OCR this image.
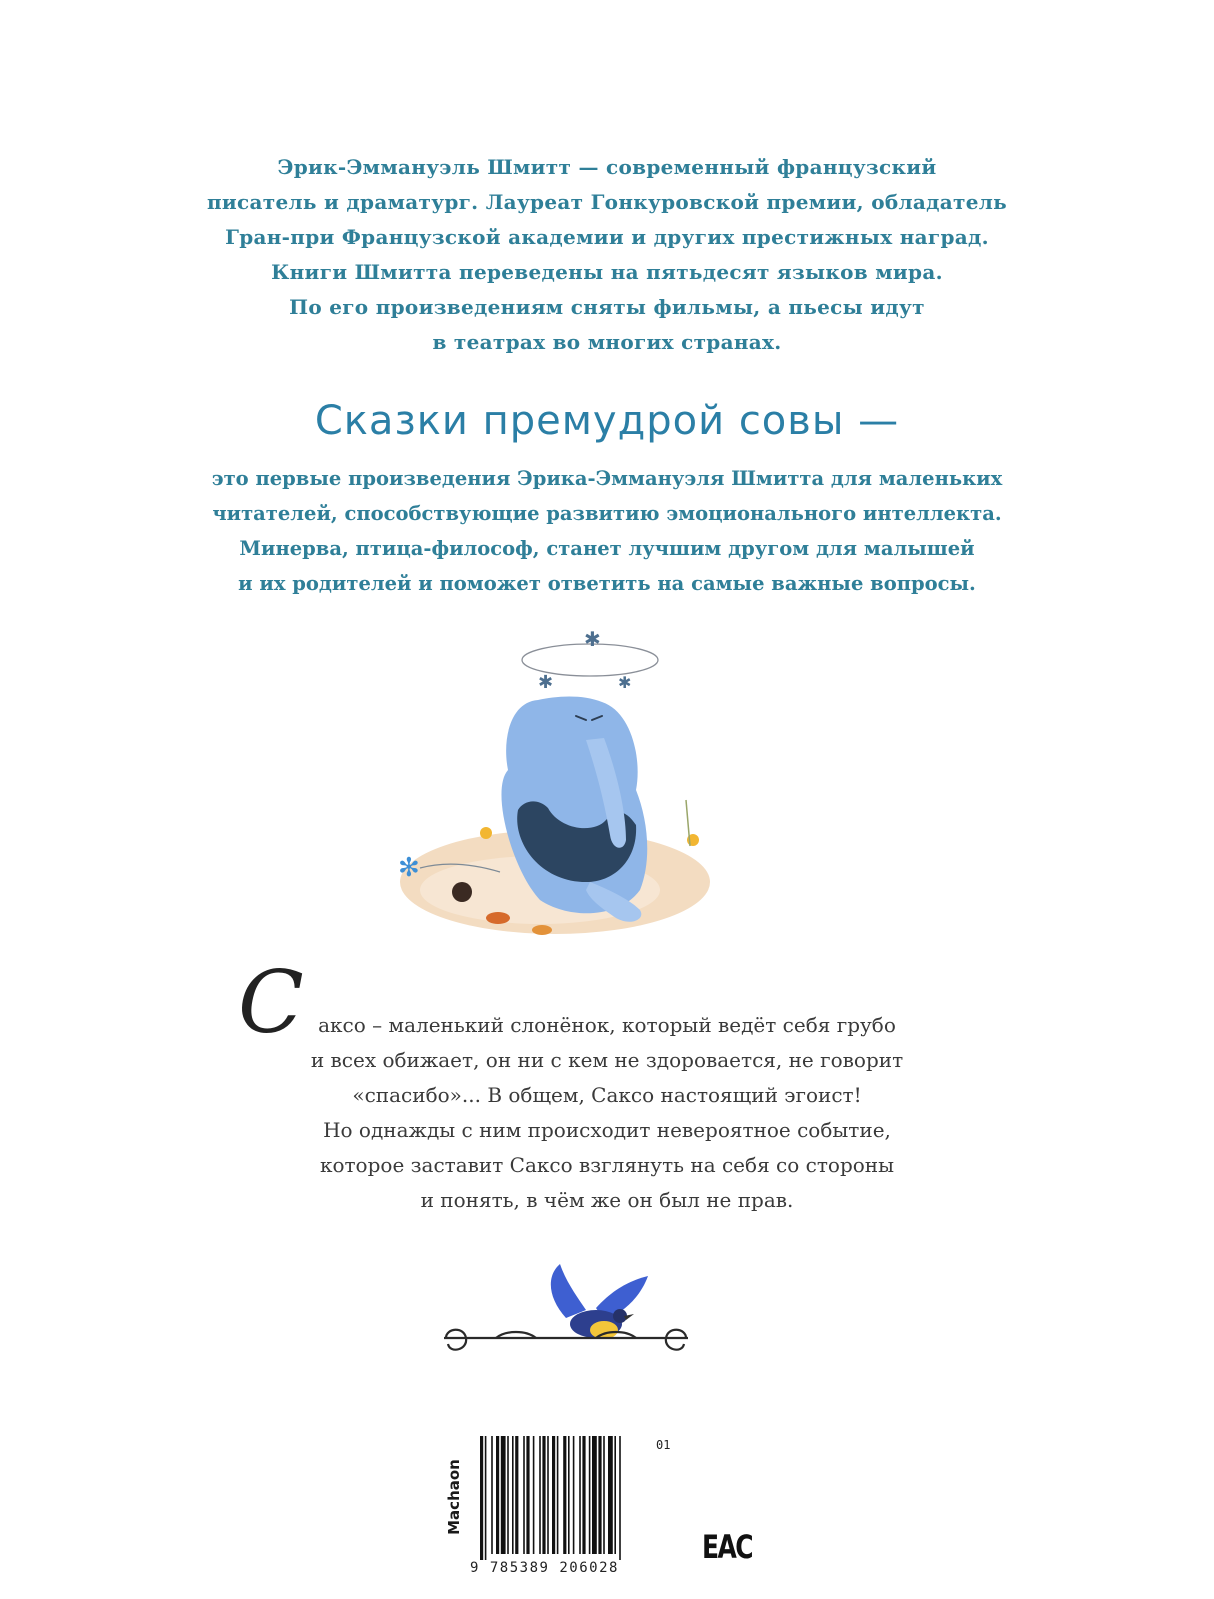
Эрик-Эммануэль Шмитт — современный французский
писатель и драматург. Лауреат Гонкуровской премии, обладатель
Гран-при Французской академии и других престижных наград.
Книги Шмитта переведены на пятьдесят языков мира.
По его произведениям сняты фильмы, а пьесы идут
в театрах во многих странах.
Сказки премудрой совы —
это первые произведения Эрика-Эммануэля Шмитта для маленьких
читателей, способствующие развитию эмоционального интеллекта.
Минерва, птица-философ, станет лучшим другом для малышей
и их родителей и поможет ответить на самые важные вопросы.
✱
✱	✱
✻
С аксо – маленький слонёнок, который ведёт себя грубо
и всех обижает, он ни с кем не здоровается, не говорит
«спасибо»... В общем, Саксо настоящий эгоист!
Но однажды с ним происходит невероятное событие,
которое заставит Саксо взглянуть на себя со стороны
и понять, в чём же он был не прав.
Machaon
01
9 785389 206028
EAC
